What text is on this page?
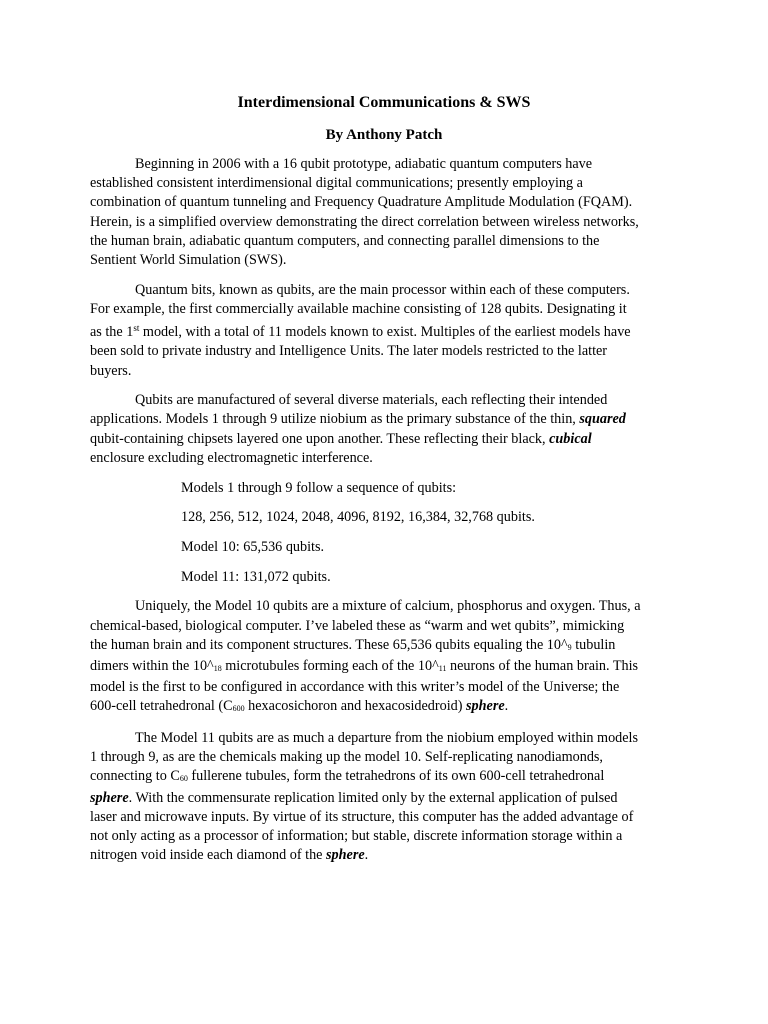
Interdimensional Communications & SWS
By Anthony Patch

Beginning in 2006 with a 16 qubit prototype, adiabatic quantum computers have
established consistent interdimensional digital communications; presently employing a
combination of quantum tunneling and Frequency Quadrature Amplitude Modulation (FQAM).
Herein, is a simplified overview demonstrating the direct correlation between wireless networks,
the human brain, adiabatic quantum computers, and connecting parallel dimensions to the
Sentient World Simulation (SWS).

Quantum bits, known as qubits, are the main processor within each of these computers.
For example, the first commercially available machine consisting of 128 qubits. Designating it
as the 1st model, with a total of 11 models known to exist. Multiples of the earliest models have
been sold to private industry and Intelligence Units. The later models restricted to the latter
buyers.

Qubits are manufactured of several diverse materials, each reflecting their intended
applications. Models 1 through 9 utilize niobium as the primary substance of the thin, squared
qubit-containing chipsets layered one upon another. These reflecting their black, cubical
enclosure excluding electromagnetic interference.

Models 1 through 9 follow a sequence of qubits:

128, 256, 512, 1024, 2048, 4096, 8192, 16,384, 32,768 qubits.

Model 10: 65,536 qubits.

Model 11: 131,072 qubits.

Uniquely, the Model 10 qubits are a mixture of calcium, phosphorus and oxygen. Thus, a
chemical-based, biological computer. I’ve labeled these as “warm and wet qubits”, mimicking
the human brain and its component structures. These 65,536 qubits equaling the 10^9 tubulin
dimers within the 10^18 microtubules forming each of the 10^11 neurons of the human brain. This
model is the first to be configured in accordance with this writer’s model of the Universe; the
600-cell tetrahedronal (C600 hexacosichoron and hexacosidedroid) sphere.

The Model 11 qubits are as much a departure from the niobium employed within models
1 through 9, as are the chemicals making up the model 10. Self-replicating nanodiamonds,
connecting to C60 fullerene tubules, form the tetrahedrons of its own 600-cell tetrahedronal
sphere. With the commensurate replication limited only by the external application of pulsed
laser and microwave inputs. By virtue of its structure, this computer has the added advantage of
not only acting as a processor of information; but stable, discrete information storage within a
nitrogen void inside each diamond of the sphere.
